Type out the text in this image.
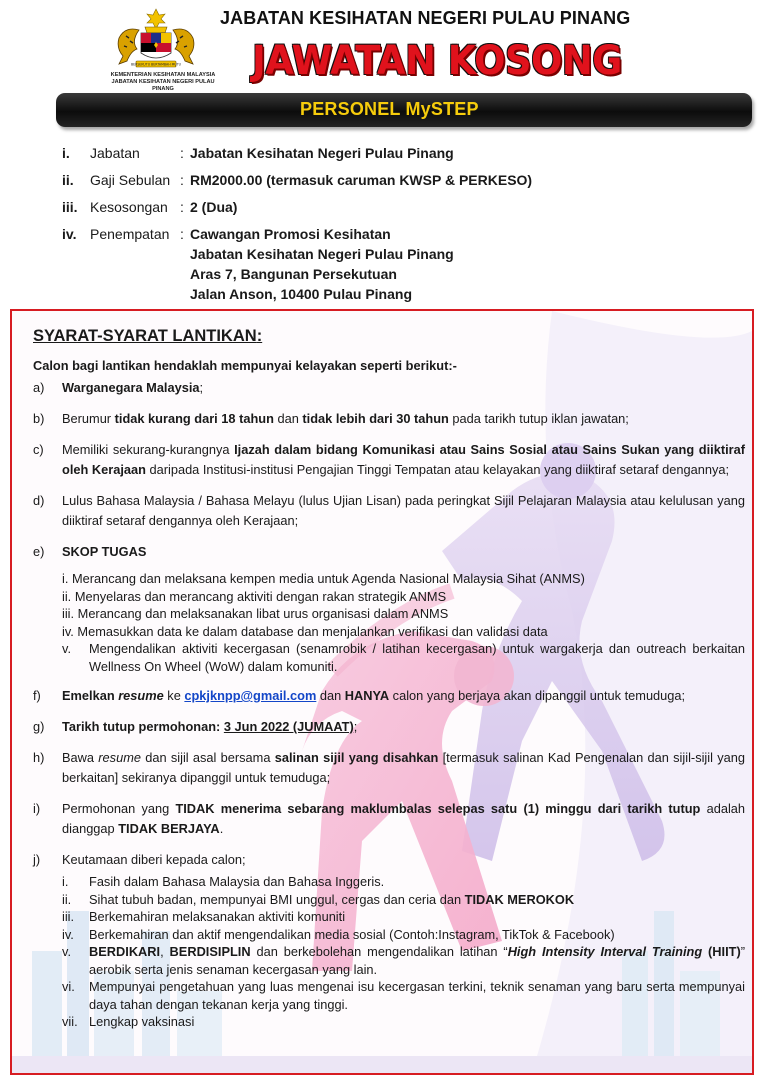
BERSEKUTU BERTAMBAH MUTU
KEMENTERIAN KESIHATAN MALAYSIA
JABATAN KESIHATAN NEGERI PULAU PINANG
JABATAN KESIHATAN NEGERI PULAU PINANG
JAWATAN KOSONG
PERSONEL MySTEP
i.	Jabatan	: Jabatan Kesihatan Negeri Pulau Pinang
ii.	Gaji Sebulan : RM2000.00 (termasuk caruman KWSP & PERKESO)
iii. Kesosongan : 2 (Dua)
iv. Penempatan : Cawangan Promosi Kesihatan
Jabatan Kesihatan Negeri Pulau Pinang
Aras 7, Bangunan Persekutuan
Jalan Anson, 10400 Pulau Pinang
SYARAT-SYARAT LANTIKAN:
Calon bagi lantikan hendaklah mempunyai kelayakan seperti berikut:-
a)	Warganegara Malaysia;
b)	Berumur tidak kurang dari 18 tahun dan tidak lebih dari 30 tahun pada tarikh tutup iklan jawatan;
c)	Memiliki sekurang-kurangnya Ijazah dalam bidang Komunikasi atau Sains Sosial atau Sains Sukan yang diiktiraf oleh Kerajaan daripada Institusi-institusi Pengajian Tinggi Tempatan atau kelayakan yang diiktiraf setaraf dengannya;
d)	Lulus Bahasa Malaysia / Bahasa Melayu (lulus Ujian Lisan) pada peringkat Sijil Pelajaran Malaysia atau kelulusan yang diiktiraf setaraf dengannya oleh Kerajaan;
e)	SKOP TUGAS
i. Merancang dan melaksana kempen media untuk Agenda Nasional Malaysia Sihat (ANMS)
ii. Menyelaras dan merancang aktiviti dengan rakan strategik ANMS
iii. Merancang dan melaksanakan libat urus organisasi dalam ANMS
iv. Memasukkan data ke dalam database dan menjalankan verifikasi dan validasi data
v.	Mengendalikan aktiviti kecergasan (senamrobik / latihan kecergasan) untuk wargakerja dan outreach berkaitan Wellness On Wheel (WoW) dalam komuniti.
f)	Emelkan resume ke cpkjknpp@gmail.com dan HANYA calon yang berjaya akan dipanggil untuk temuduga;
g)	Tarikh tutup permohonan: 3 Jun 2022 (JUMAAT);
h)	Bawa resume dan sijil asal bersama salinan sijil yang disahkan [termasuk salinan Kad Pengenalan dan sijil-sijil yang berkaitan] sekiranya dipanggil untuk temuduga;
i)	Permohonan yang TIDAK menerima sebarang maklumbalas selepas satu (1) minggu dari tarikh tutup adalah dianggap TIDAK BERJAYA.
j)	Keutamaan diberi kepada calon;
i.	Fasih dalam Bahasa Malaysia dan Bahasa Inggeris.
ii.	Sihat tubuh badan, mempunyai BMI unggul, cergas dan ceria dan TIDAK MEROKOK
iii.	Berkemahiran melaksanakan aktiviti komuniti
iv.	Berkemahiran dan aktif mengendalikan media sosial (Contoh:Instagram, TikTok & Facebook)
v.	BERDIKARI, BERDISIPLIN dan berkebolehan mengendalikan latihan “High Intensity Interval Training (HIIT)” aerobik serta jenis senaman kecergasan yang lain.
vi.	Mempunyai pengetahuan yang luas mengenai isu kecergasan terkini, teknik senaman yang baru serta mempunyai daya tahan dengan tekanan kerja yang tinggi.
vii. Lengkap vaksinasi
